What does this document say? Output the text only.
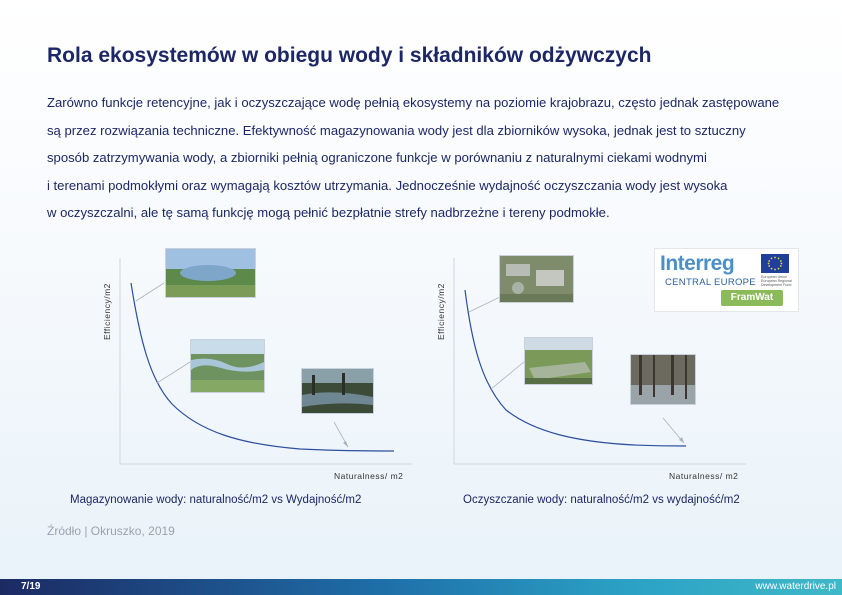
Rola ekosystemów w obiegu wody i składników odżywczych
Zarówno funkcje retencyjne, jak i oczyszczające wodę pełnią ekosystemy na poziomie krajobrazu, często jednak zastępowane
są przez rozwiązania techniczne. Efektywność magazynowania wody jest dla zbiorników wysoka, jednak jest to sztuczny
sposób zatrzymywania wody, a zbiorniki pełnią ograniczone funkcje w porównaniu z naturalnymi ciekami wodnymi
i terenami podmokłymi oraz wymagają kosztów utrzymania. Jednocześnie wydajność oczyszczania wody jest wysoka
w oczyszczalni, ale tę samą funkcję mogą pełnić bezpłatnie strefy nadbrzeżne i tereny podmokłe.
Efficiency/m2
Naturalness/ m2
Magazynowanie wody: naturalność/m2 vs Wydajność/m2
Efficiency/m2
Naturalness/ m2
Oczyszczanie wody: naturalność/m2 vs wydajność/m2
Interreg
CENTRAL EUROPE European Union European Regional Development Fund
FramWat
Źródło | Okruszko, 2019
7/19	www.waterdrive.pl
